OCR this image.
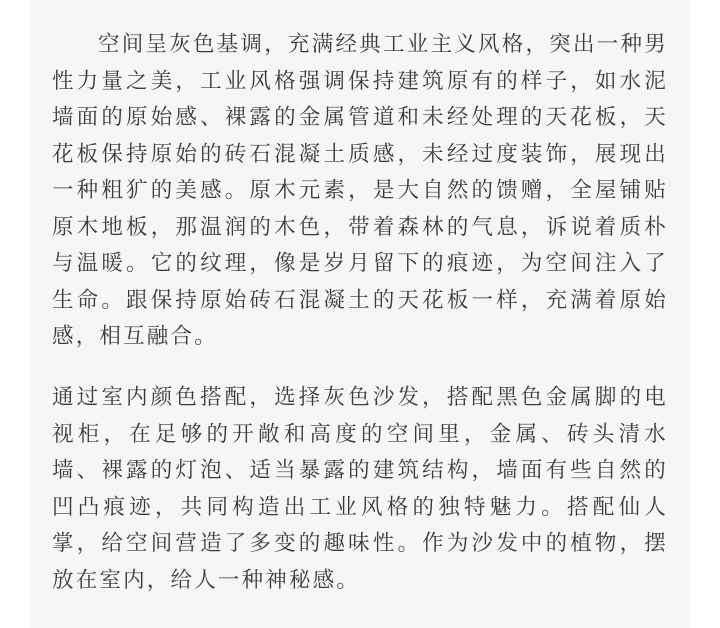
空间呈灰色基调，充满经典工业主义风格，突出一种男性力量之美，工业风格强调保持建筑原有的样子，如水泥墙面的原始感、裸露的金属管道和未经处理的天花板，天花板保持原始的砖石混凝土质感，未经过度装饰，展现出一种粗犷的美感。原木元素，是大自然的馈赠，全屋铺贴原木地板，那温润的木色，带着森林的气息，诉说着质朴与温暖。它的纹理，像是岁月留下的痕迹，为空间注入了生命。跟保持原始砖石混凝土的天花板一样，充满着原始感，相互融合。

通过室内颜色搭配，选择灰色沙发，搭配黑色金属脚的电视柜，在足够的开敞和高度的空间里，金属、砖头清水墙、裸露的灯泡、适当暴露的建筑结构，墙面有些自然的凹凸痕迹，共同构造出工业风格的独特魅力。搭配仙人掌，给空间营造了多变的趣味性。作为沙发中的植物，摆放在室内，给人一种神秘感。
